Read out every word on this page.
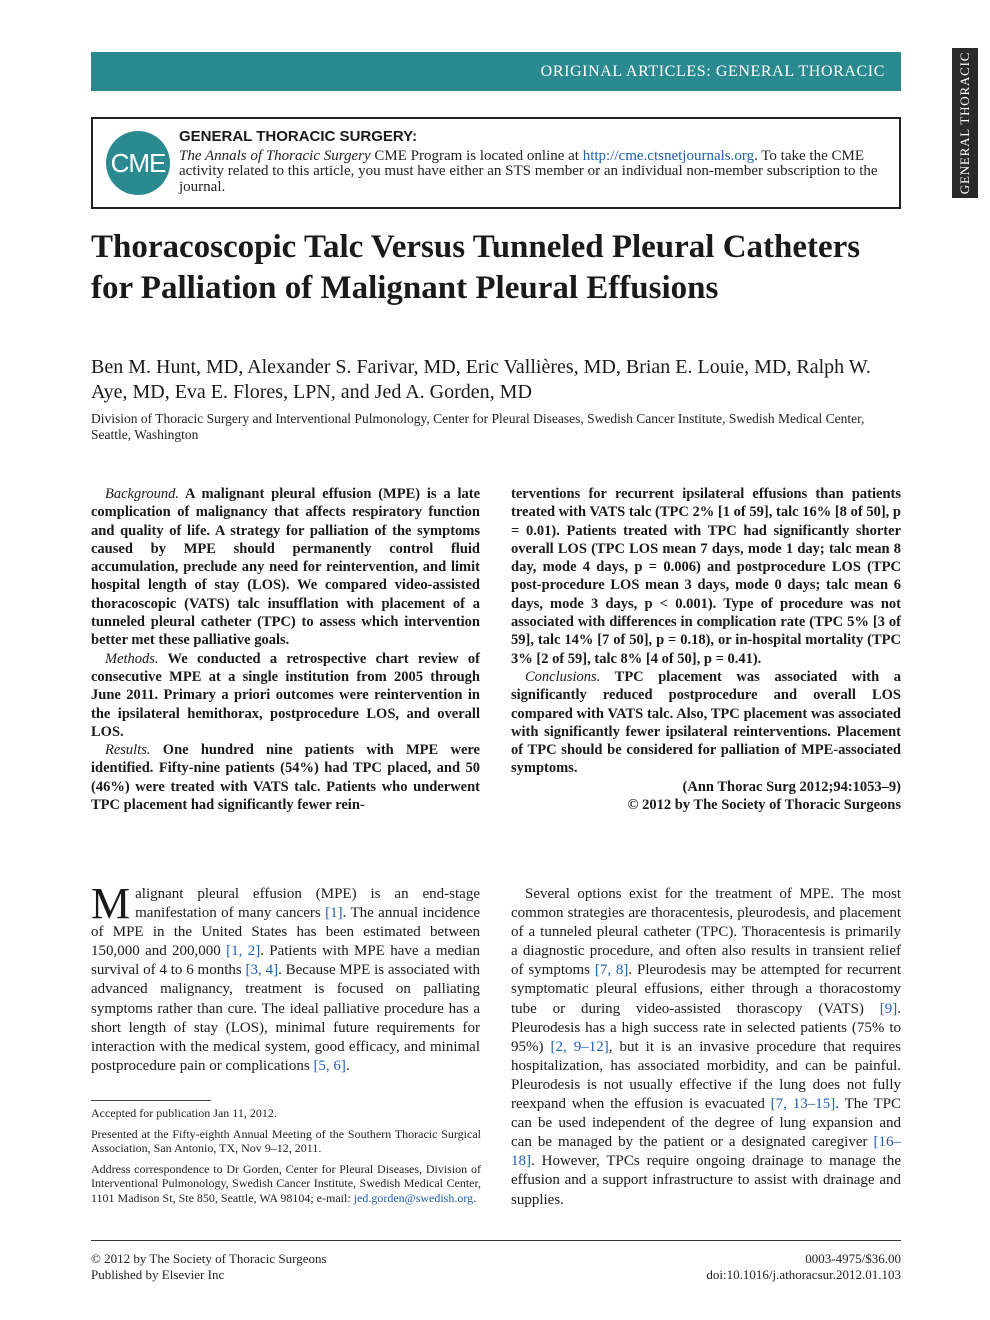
ORIGINAL ARTICLES: GENERAL THORACIC	GENERAL THORACIC
CME
GENERAL THORACIC SURGERY:
The Annals of Thoracic Surgery CME Program is located online at http://cme.ctsnetjournals.org. To take the CME activity related to this article, you must have either an STS member or an individual non-member subscription to the journal.
Thoracoscopic Talc Versus Tunneled Pleural Catheters for Palliation of Malignant Pleural Effusions
Ben M. Hunt, MD, Alexander S. Farivar, MD, Eric Vallières, MD, Brian E. Louie, MD, Ralph W. Aye, MD, Eva E. Flores, LPN, and Jed A. Gorden, MD
Division of Thoracic Surgery and Interventional Pulmonology, Center for Pleural Diseases, Swedish Cancer Institute, Swedish Medical Center, Seattle, Washington

Background. A malignant pleural effusion (MPE) is a late complication of malignancy that affects respiratory function and quality of life. A strategy for palliation of the symptoms caused by MPE should permanently control fluid accumulation, preclude any need for reintervention, and limit hospital length of stay (LOS). We compared video-assisted thoracoscopic (VATS) talc insufflation with placement of a tunneled pleural catheter (TPC) to assess which intervention better met these palliative goals.

Methods. We conducted a retrospective chart review of consecutive MPE at a single institution from 2005 through June 2011. Primary a priori outcomes were reintervention in the ipsilateral hemithorax, postprocedure LOS, and overall LOS.

Results. One hundred nine patients with MPE were identified. Fifty-nine patients (54%) had TPC placed, and 50 (46%) were treated with VATS talc. Patients who underwent TPC placement had significantly fewer rein-

terventions for recurrent ipsilateral effusions than patients treated with VATS talc (TPC 2% [1 of 59], talc 16% [8 of 50], p = 0.01). Patients treated with TPC had significantly shorter overall LOS (TPC LOS mean 7 days, mode 1 day; talc mean 8 day, mode 4 days, p = 0.006) and postprocedure LOS (TPC post-procedure LOS mean 3 days, mode 0 days; talc mean 6 days, mode 3 days, p < 0.001). Type of procedure was not associated with differences in complication rate (TPC 5% [3 of 59], talc 14% [7 of 50], p = 0.18), or in-hospital mortality (TPC 3% [2 of 59], talc 8% [4 of 50], p = 0.41).

Conclusions. TPC placement was associated with a significantly reduced postprocedure and overall LOS compared with VATS talc. Also, TPC placement was associated with significantly fewer ipsilateral reinterventions. Placement of TPC should be considered for palliation of MPE-associated symptoms.

(Ann Thorac Surg 2012;94:1053–9)

© 2012 by The Society of Thoracic Surgeons

Malignant pleural effusion (MPE) is an end-stage manifestation of many cancers [1]. The annual incidence of MPE in the United States has been estimated between 150,000 and 200,000 [1, 2]. Patients with MPE have a median survival of 4 to 6 months [3, 4]. Because MPE is associated with advanced malignancy, treatment is focused on palliating symptoms rather than cure. The ideal palliative procedure has a short length of stay (LOS), minimal future requirements for interaction with the medical system, good efficacy, and minimal postprocedure pain or complications [5, 6].

Several options exist for the treatment of MPE. The most common strategies are thoracentesis, pleurodesis, and placement of a tunneled pleural catheter (TPC). Thoracentesis is primarily a diagnostic procedure, and often also results in transient relief of symptoms [7, 8]. Pleurodesis may be attempted for recurrent symptomatic pleural effusions, either through a thoracostomy tube or during video-assisted thorascopy (VATS) [9]. Pleurodesis has a high success rate in selected patients (75% to 95%) [2, 9–12], but it is an invasive procedure that requires hospitalization, has associated morbidity, and can be painful. Pleurodesis is not usually effective if the lung does not fully reexpand when the effusion is evacuated [7, 13–15]. The TPC can be used independent of the degree of lung expansion and can be managed by the patient or a designated caregiver [16–18]. However, TPCs require ongoing drainage to manage the effusion and a support infrastructure to assist with drainage and supplies.

Accepted for publication Jan 11, 2012.

Presented at the Fifty-eighth Annual Meeting of the Southern Thoracic Surgical Association, San Antonio, TX, Nov 9–12, 2011.

Address correspondence to Dr Gorden, Center for Pleural Diseases, Division of Interventional Pulmonology, Swedish Cancer Institute, Swedish Medical Center, 1101 Madison St, Ste 850, Seattle, WA 98104; e-mail: jed.gorden@swedish.org.

© 2012 by The Society of Thoracic Surgeons
Published by Elsevier Inc
0003-4975/$36.00
doi:10.1016/j.athoracsur.2012.01.103
